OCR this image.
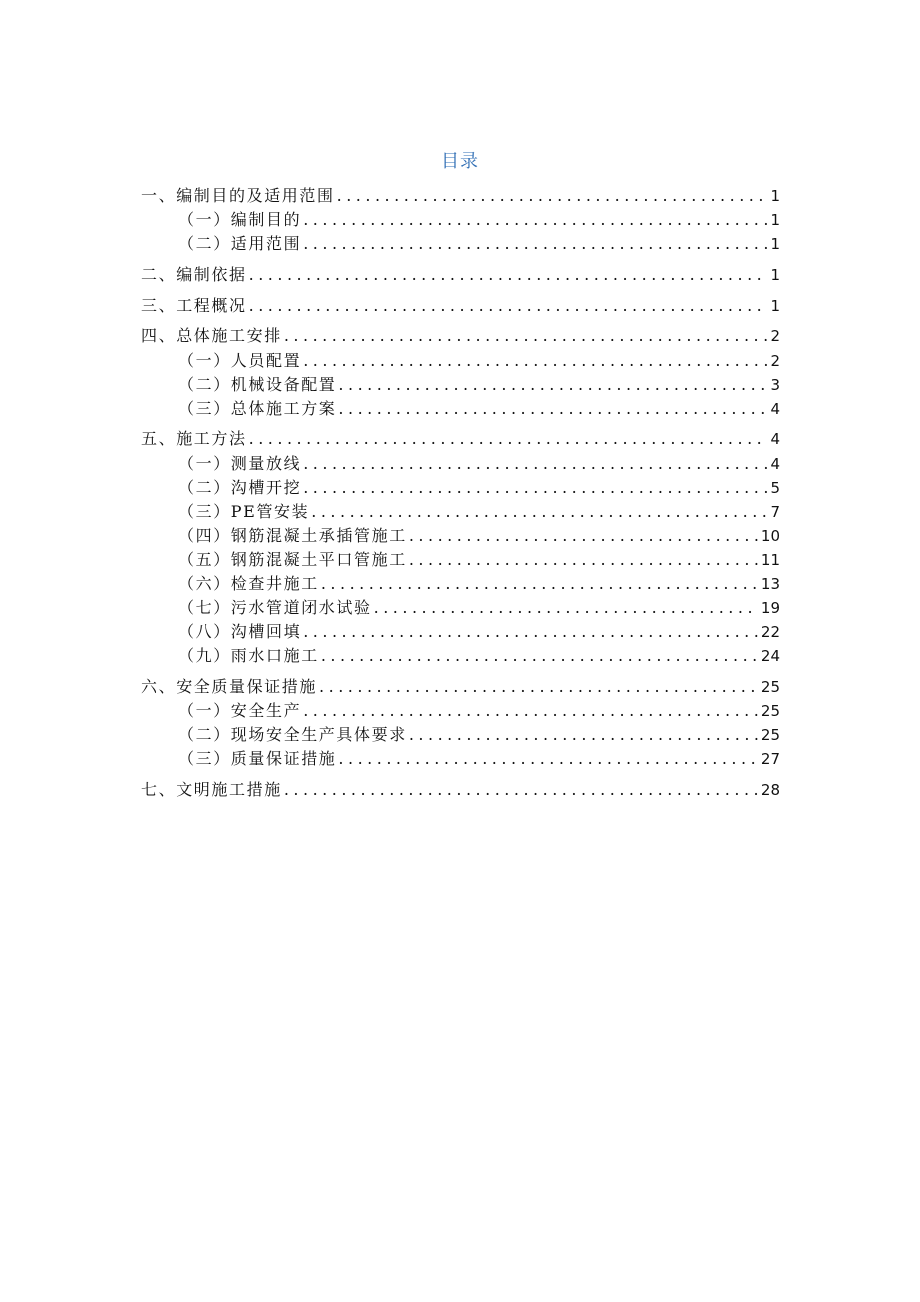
目录
一、编制目的及适用范围 .....	1
（一）编制目的 .....	1
（二）适用范围 .....	1
二、编制依据 .....	1
三、工程概况 .....	1
四、总体施工安排 .....	2
（一）人员配置 .....	2
（二）机械设备配置 .....	3
（三）总体施工方案 .....	4
五、施工方法 .....	4
（一）测量放线 .....	4
（二）沟槽开挖 .....	5
（三）PE管安装 .....	7
（四）钢筋混凝土承插管施工 .....	10
（五）钢筋混凝土平口管施工 .....	11
（六）检查井施工 .....	13
（七）污水管道闭水试验 .....	19
（八）沟槽回填 .....	22
（九）雨水口施工 .....	24
六、安全质量保证措施 .....	25
（一）安全生产 .....	25
（二）现场安全生产具体要求 .....	25
（三）质量保证措施 .....	27
七、文明施工措施 .....	28
